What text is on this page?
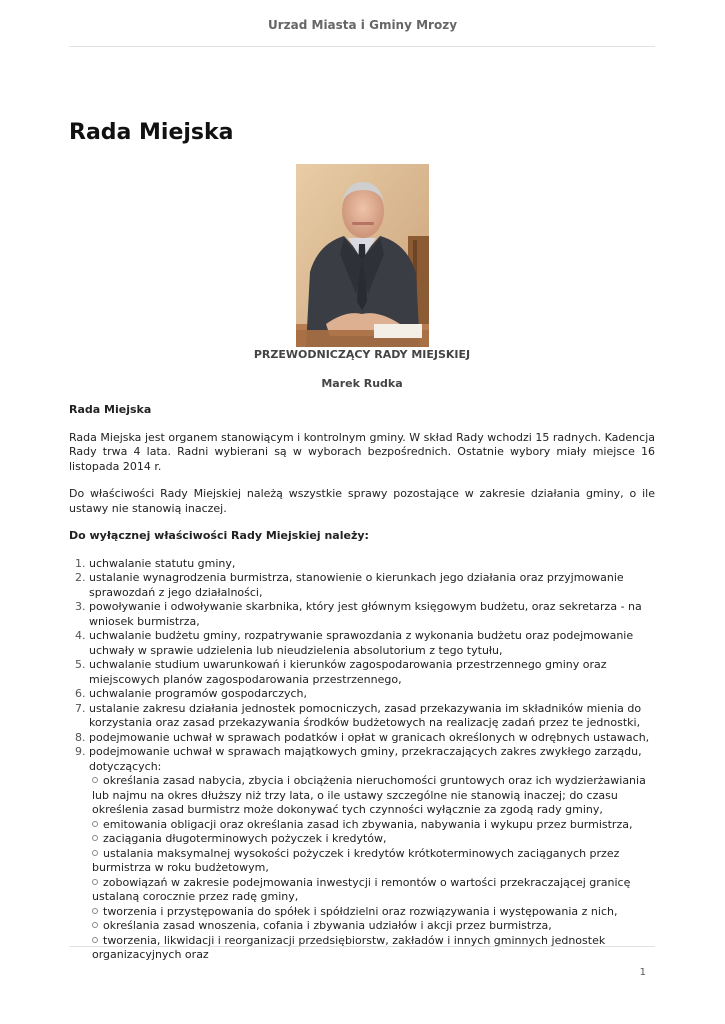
Urzad Miasta i Gminy Mrozy
Rada Miejska
PRZEWODNICZĄCY RADY MIEJSKIEJ
Marek Rudka

Rada Miejska

Rada Miejska jest organem stanowiącym i kontrolnym gminy. W skład Rady wchodzi 15 radnych. Kadencja Rady trwa 4 lata. Radni wybierani są w wyborach bezpośrednich. Ostatnie wybory miały miejsce 16 listopada 2014 r.

Do właściwości Rady Miejskiej należą wszystkie sprawy pozostające w zakresie działania gminy, o ile ustawy nie stanowią inaczej.

Do wyłącznej właściwości Rady Miejskiej należy:

1. uchwalanie statutu gminy,
2. ustalanie wynagrodzenia burmistrza, stanowienie o kierunkach jego działania oraz przyjmowanie sprawozdań z jego działalności,
3. powoływanie i odwoływanie skarbnika, który jest głównym księgowym budżetu, oraz sekretarza - na wniosek burmistrza,
4. uchwalanie budżetu gminy, rozpatrywanie sprawozdania z wykonania budżetu oraz podejmowanie uchwały w sprawie udzielenia lub nieudzielenia absolutorium z tego tytułu,
5. uchwalanie studium uwarunkowań i kierunków zagospodarowania przestrzennego gminy oraz miejscowych planów zagospodarowania przestrzennego,
6. uchwalanie programów gospodarczych,
7. ustalanie zakresu działania jednostek pomocniczych, zasad przekazywania im składników mienia do korzystania oraz zasad przekazywania środków budżetowych na realizację zadań przez te jednostki,
8. podejmowanie uchwał w sprawach podatków i opłat w granicach określonych w odrębnych ustawach,
9. podejmowanie uchwał w sprawach majątkowych gminy, przekraczających zakres zwykłego zarządu, dotyczących:
określania zasad nabycia, zbycia i obciążenia nieruchomości gruntowych oraz ich wydzierżawiania lub najmu na okres dłuższy niż trzy lata, o ile ustawy szczególne nie stanowią inaczej; do czasu określenia zasad burmistrz może dokonywać tych czynności wyłącznie za zgodą rady gminy,
emitowania obligacji oraz określania zasad ich zbywania, nabywania i wykupu przez burmistrza,
zaciągania długoterminowych pożyczek i kredytów,
ustalania maksymalnej wysokości pożyczek i kredytów krótkoterminowych zaciąganych przez burmistrza w roku budżetowym,
zobowiązań w zakresie podejmowania inwestycji i remontów o wartości przekraczającej granicę ustalaną corocznie przez radę gminy,
tworzenia i przystępowania do spółek i spółdzielni oraz rozwiązywania i występowania z nich,
określania zasad wnoszenia, cofania i zbywania udziałów i akcji przez burmistrza,
tworzenia, likwidacji i reorganizacji przedsiębiorstw, zakładów i innych gminnych jednostek organizacyjnych oraz
1
